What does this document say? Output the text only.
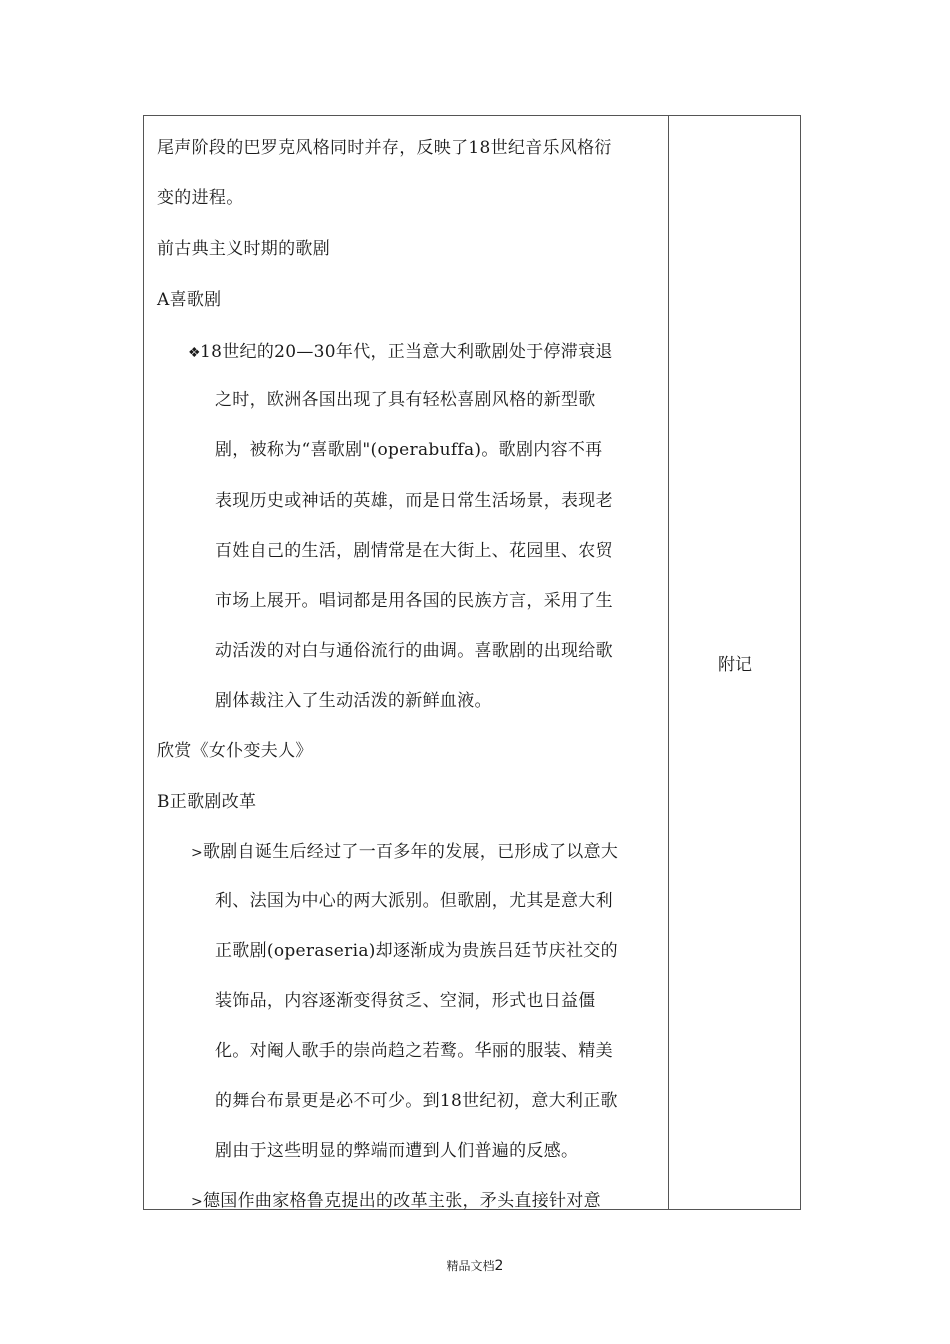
尾声阶段的巴罗克风格同时并存，反映了18世纪音乐风格衍
变的进程。
前古典主义时期的歌剧
A喜歌剧
❖18世纪的20—30年代，正当意大利歌剧处于停滞衰退
之时，欧洲各国出现了具有轻松喜剧风格的新型歌
剧，被称为“喜歌剧"(operabuffa)。歌剧内容不再
表现历史或神话的英雄，而是日常生活场景，表现老
百姓自己的生活，剧情常是在大街上、花园里、农贸
市场上展开。唱词都是用各国的民族方言，采用了生
动活泼的对白与通俗流行的曲调。喜歌剧的出现给歌
剧体裁注入了生动活泼的新鲜血液。
欣赏《女仆变夫人》
B正歌剧改革
>歌剧自诞生后经过了一百多年的发展，已形成了以意大
利、法国为中心的两大派别。但歌剧，尤其是意大利
正歌剧(operaseria)却逐渐成为贵族吕廷节庆社交的
装饰品，内容逐渐变得贫乏、空洞，形式也日益僵
化。对阉人歌手的崇尚趋之若鹜。华丽的服装、精美
的舞台布景更是必不可少。到18世纪初，意大利正歌
剧由于这些明显的弊端而遭到人们普遍的反感。
>德国作曲家格鲁克提出的改革主张，矛头直接针对意
附记
精品文档2
